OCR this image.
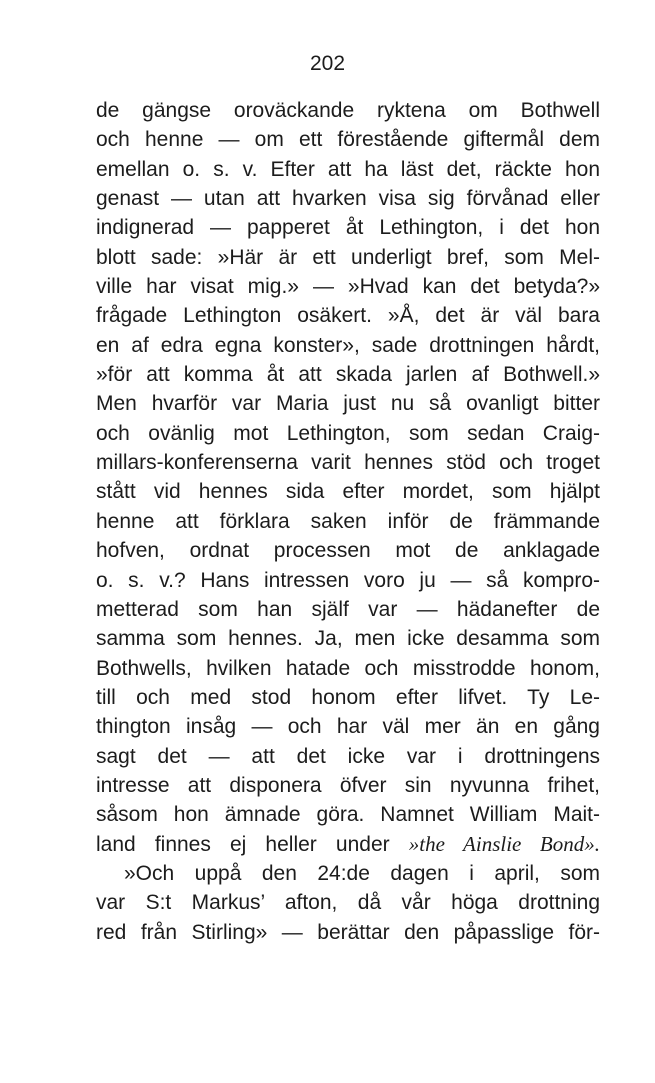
202
de gängse oroväckande ryktena om Bothwell
och henne — om ett förestående giftermål dem
emellan o. s. v. Efter att ha läst det, räckte hon
genast — utan att hvarken visa sig förvånad eller
indignerad — papperet åt Lethington, i det hon
blott sade: »Här är ett underligt bref, som Mel-
ville har visat mig.» — »Hvad kan det betyda?»
frågade Lethington osäkert. »Å, det är väl bara
en af edra egna konster», sade drottningen hårdt,
»för att komma åt att skada jarlen af Bothwell.»
Men hvarför var Maria just nu så ovanligt bitter
och ovänlig mot Lethington, som sedan Craig-
millars-konferenserna varit hennes stöd och troget
stått vid hennes sida efter mordet, som hjälpt
henne att förklara saken inför de främmande
hofven, ordnat processen mot de anklagade
o. s. v.? Hans intressen voro ju — så kompro-
metterad som han själf var — hädanefter de
samma som hennes. Ja, men icke desamma som
Bothwells, hvilken hatade och misstrodde honom,
till och med stod honom efter lifvet. Ty Le-
thington insåg — och har väl mer än en gång
sagt det — att det icke var i drottningens
intresse att disponera öfver sin nyvunna frihet,
såsom hon ämnade göra. Namnet William Mait-
land finnes ej heller under »the Ainslie Bond».
»Och uppå den 24:de dagen i april, som
var S:t Markus’ afton, då vår höga drottning
red från Stirling» — berättar den påpasslige för-
